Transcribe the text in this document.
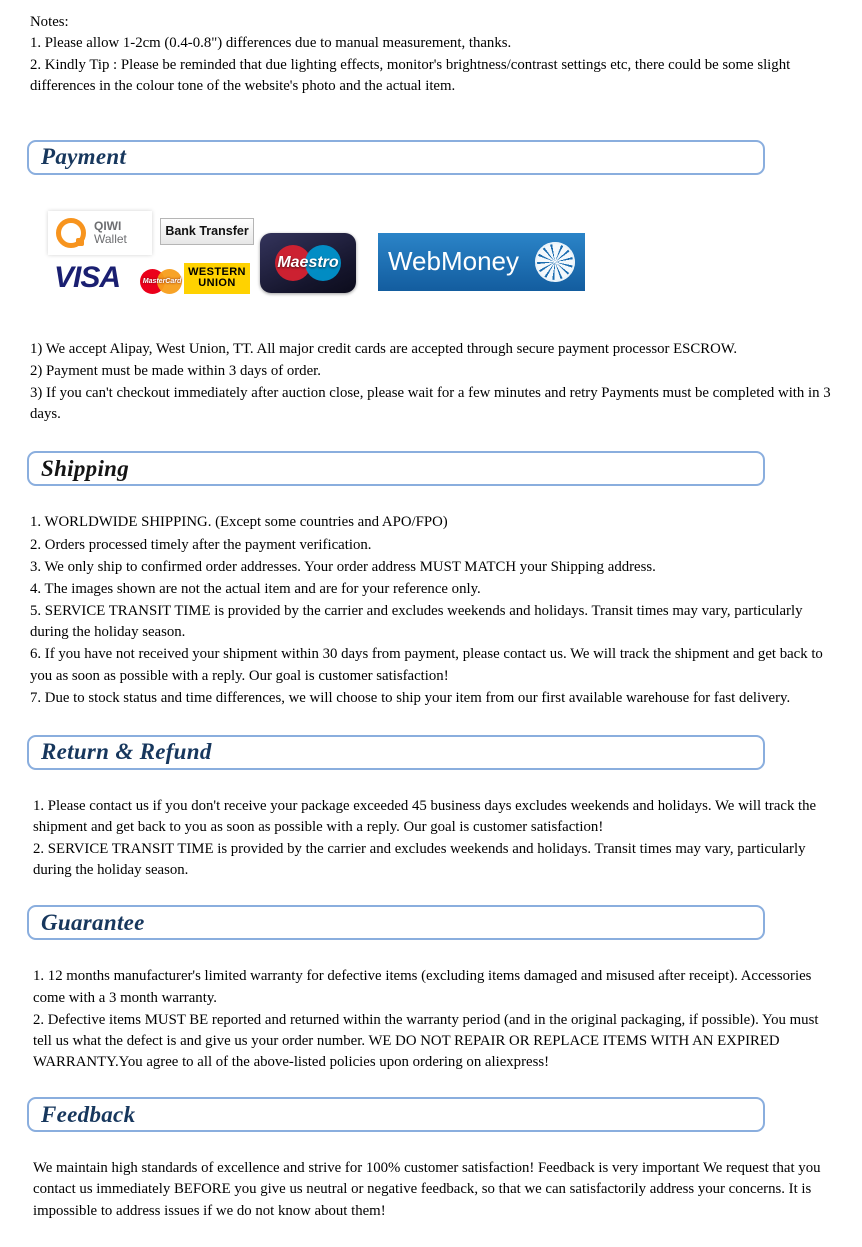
Notes:

1. Please allow 1-2cm (0.4-0.8") differences due to manual measurement, thanks.

2. Kindly Tip : Please be reminded that due lighting effects, monitor's brightness/contrast settings etc, there could be some slight differences in the colour tone of the website's photo and the actual item.

Payment
QIWI
Wallet
Bank Transfer
VISA	MasterCard
WESTERN
UNION
Maestro	WebMoney

1) We accept Alipay, West Union, TT. All major credit cards are accepted through secure payment processor ESCROW.

2) Payment must be made within 3 days of order.

3) If you can't checkout immediately after auction close, please wait for a few minutes and retry Payments must be completed with in 3 days.

Shipping

1. WORLDWIDE SHIPPING. (Except some countries and APO/FPO)

2. Orders processed timely after the payment verification.

3. We only ship to confirmed order addresses. Your order address MUST MATCH your Shipping address.

4. The images shown are not the actual item and are for your reference only.

5. SERVICE TRANSIT TIME is provided by the carrier and excludes weekends and holidays. Transit times may vary, particularly during the holiday season.

6. If you have not received your shipment within 30 days from payment, please contact us. We will track the shipment and get back to you as soon as possible with a reply. Our goal is customer satisfaction!

7. Due to stock status and time differences, we will choose to ship your item from our first available warehouse for fast delivery.

Return & Refund

1. Please contact us if you don't receive your package exceeded 45 business days excludes weekends and holidays. We will track the shipment and get back to you as soon as possible with a reply. Our goal is customer satisfaction!

2. SERVICE TRANSIT TIME is provided by the carrier and excludes weekends and holidays. Transit times may vary, particularly during the holiday season.

Guarantee

1. 12 months manufacturer's limited warranty for defective items (excluding items damaged and misused after receipt). Accessories come with a 3 month warranty.

2. Defective items MUST BE reported and returned within the warranty period (and in the original packaging, if possible). You must tell us what the defect is and give us your order number. WE DO NOT REPAIR OR REPLACE ITEMS WITH AN EXPIRED WARRANTY.You agree to all of the above-listed policies upon ordering on aliexpress!

Feedback

We maintain high standards of excellence and strive for 100% customer satisfaction! Feedback is very important We request that you contact us immediately BEFORE you give us neutral or negative feedback, so that we can satisfactorily address your concerns. It is impossible to address issues if we do not know about them!
